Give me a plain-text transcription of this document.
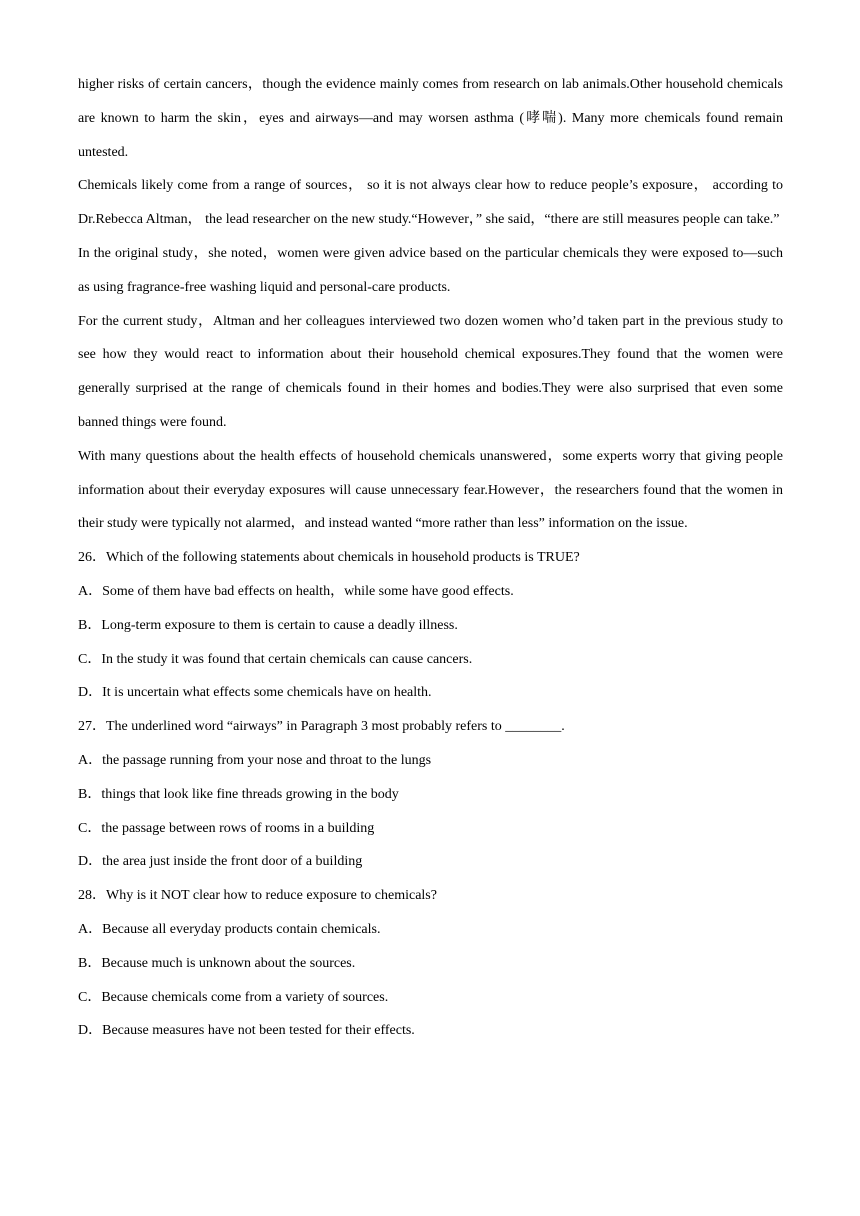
higher risks of certain cancers，though the evidence mainly comes from research on lab animals.Other household chemicals are known to harm the skin，eyes and airways—and may worsen asthma (哮喘). Many more chemicals found remain untested.

Chemicals likely come from a range of sources， so it is not always clear how to reduce people’s exposure， according to Dr.Rebecca Altman， the lead researcher on the new study.“However，” she said，“there are still measures people can take.”

In the original study，she noted，women were given advice based on the particular chemicals they were exposed to—such as using fragrance-free washing liquid and personal-care products.

For the current study，Altman and her colleagues interviewed two dozen women who’d taken part in the previous study to see how they would react to information about their household chemical exposures.They found that the women were generally surprised at the range of chemicals found in their homes and bodies.They were also surprised that even some banned things were found.

With many questions about the health effects of household chemicals unanswered，some experts worry that giving people information about their everyday exposures will cause unnecessary fear.However，the researchers found that the women in their study were typically not alarmed，and instead wanted “more rather than less” information on the issue.

26．Which of the following statements about chemicals in household products is TRUE?

A．Some of them have bad effects on health，while some have good effects.

B．Long-term exposure to them is certain to cause a deadly illness.

C．In the study it was found that certain chemicals can cause cancers.

D．It is uncertain what effects some chemicals have on health.

27．The underlined word “airways” in Paragraph 3 most probably refers to ________.

A．the passage running from your nose and throat to the lungs

B．things that look like fine threads growing in the body

C．the passage between rows of rooms in a building

D．the area just inside the front door of a building

28．Why is it NOT clear how to reduce exposure to chemicals?

A．Because all everyday products contain chemicals.

B．Because much is unknown about the sources.

C．Because chemicals come from a variety of sources.

D．Because measures have not been tested for their effects.
